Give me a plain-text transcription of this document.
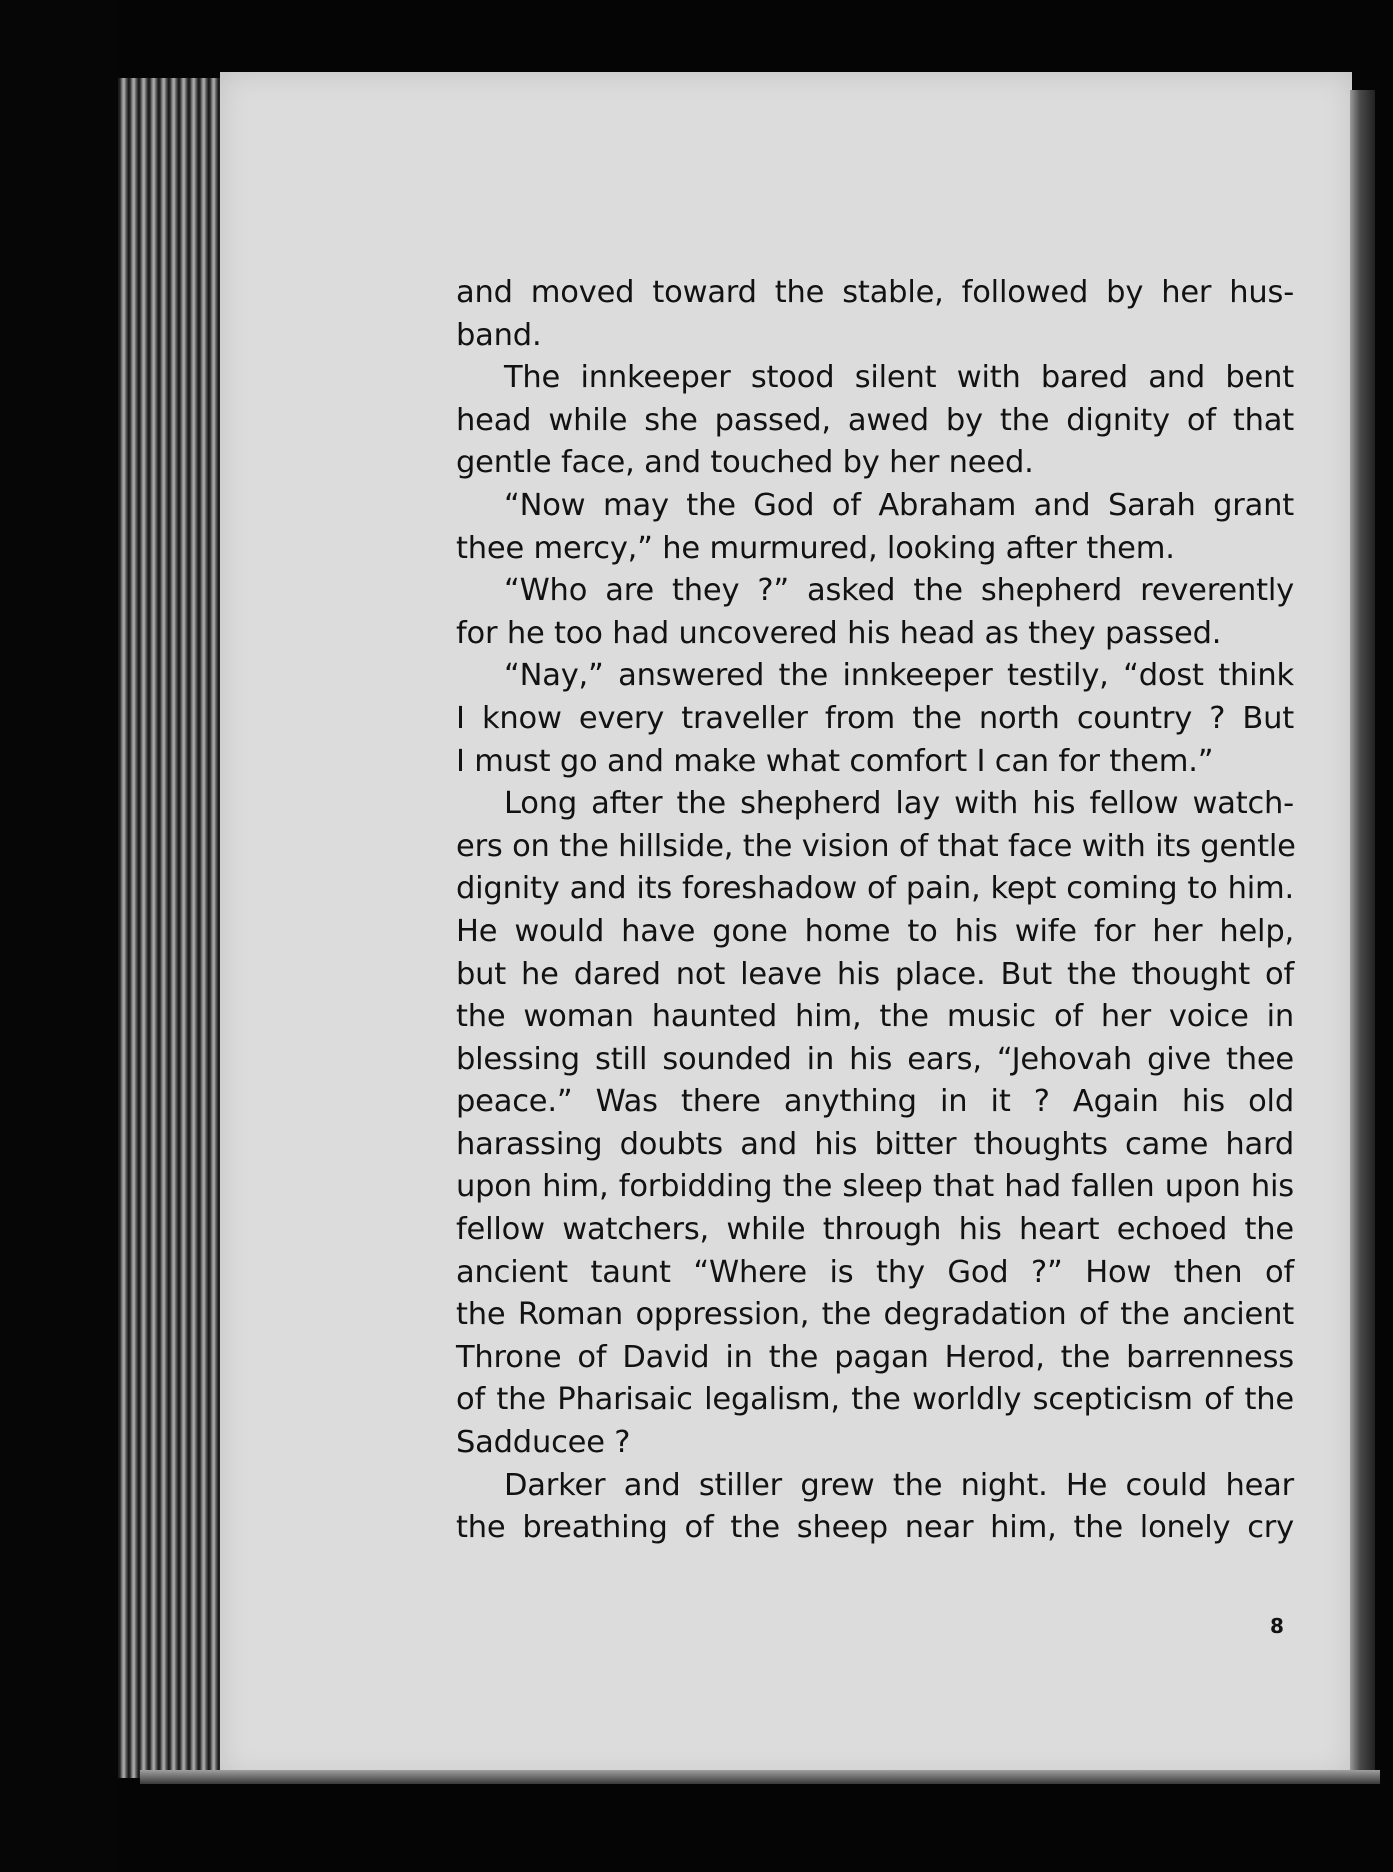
and moved toward the stable, followed by her hus-
band.
The innkeeper stood silent with bared and bent
head while she passed, awed by the dignity of that
gentle face, and touched by her need.
“Now may the God of Abraham and Sarah grant
thee mercy,” he murmured, looking after them.
“Who are they ?” asked the shepherd reverently
for he too had uncovered his head as they passed.
“Nay,” answered the innkeeper testily, “dost think
I know every traveller from the north country ? But
I must go and make what comfort I can for them.”
Long after the shepherd lay with his fellow watch-
ers on the hillside, the vision of that face with its gentle
dignity and its foreshadow of pain, kept coming to him.
He would have gone home to his wife for her help,
but he dared not leave his place. But the thought of
the woman haunted him, the music of her voice in
blessing still sounded in his ears, “Jehovah give thee
peace.” Was there anything in it ? Again his old
harassing doubts and his bitter thoughts came hard
upon him, forbidding the sleep that had fallen upon his
fellow watchers, while through his heart echoed the
ancient taunt “Where is thy God ?” How then of
the Roman oppression, the degradation of the ancient
Throne of David in the pagan Herod, the barrenness
of the Pharisaic legalism, the worldly scepticism of the
Sadducee ?
Darker and stiller grew the night. He could hear
the breathing of the sheep near him, the lonely cry
8
